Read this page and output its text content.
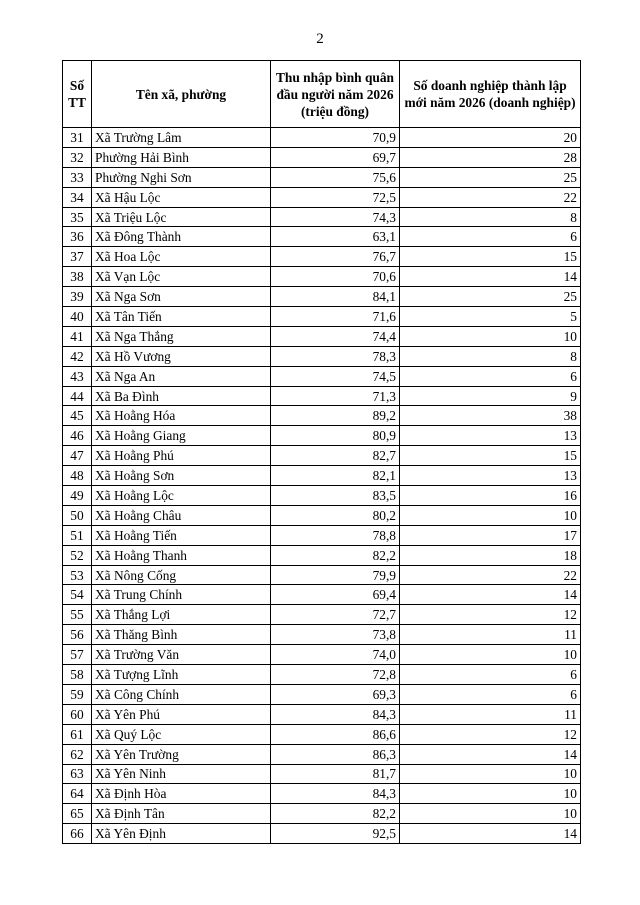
2
Số TT	Tên xã, phường	Thu nhập bình quân đầu người năm 2026 (triệu đồng)	Số doanh nghiệp thành lập mới năm 2026 (doanh nghiệp)
31	Xã Trường Lâm	70,9	20
32	Phường Hải Bình	69,7	28
33	Phường Nghi Sơn	75,6	25
34	Xã Hậu Lộc	72,5	22
35	Xã Triệu Lộc	74,3	8
36	Xã Đông Thành	63,1	6
37	Xã Hoa Lộc	76,7	15
38	Xã Vạn Lộc	70,6	14
39	Xã Nga Sơn	84,1	25
40	Xã Tân Tiến	71,6	5
41	Xã Nga Thắng	74,4	10
42	Xã Hồ Vương	78,3	8
43	Xã Nga An	74,5	6
44	Xã Ba Đình	71,3	9
45	Xã Hoằng Hóa	89,2	38
46	Xã Hoằng Giang	80,9	13
47	Xã Hoằng Phú	82,7	15
48	Xã Hoằng Sơn	82,1	13
49	Xã Hoằng Lộc	83,5	16
50	Xã Hoằng Châu	80,2	10
51	Xã Hoằng Tiến	78,8	17
52	Xã Hoằng Thanh	82,2	18
53	Xã Nông Cống	79,9	22
54	Xã Trung Chính	69,4	14
55	Xã Thắng Lợi	72,7	12
56	Xã Thăng Bình	73,8	11
57	Xã Trường Văn	74,0	10
58	Xã Tượng Lĩnh	72,8	6
59	Xã Công Chính	69,3	6
60	Xã Yên Phú	84,3	11
61	Xã Quý Lộc	86,6	12
62	Xã Yên Trường	86,3	14
63	Xã Yên Ninh	81,7	10
64	Xã Định Hòa	84,3	10
65	Xã Định Tân	82,2	10
66	Xã Yên Định	92,5	14
